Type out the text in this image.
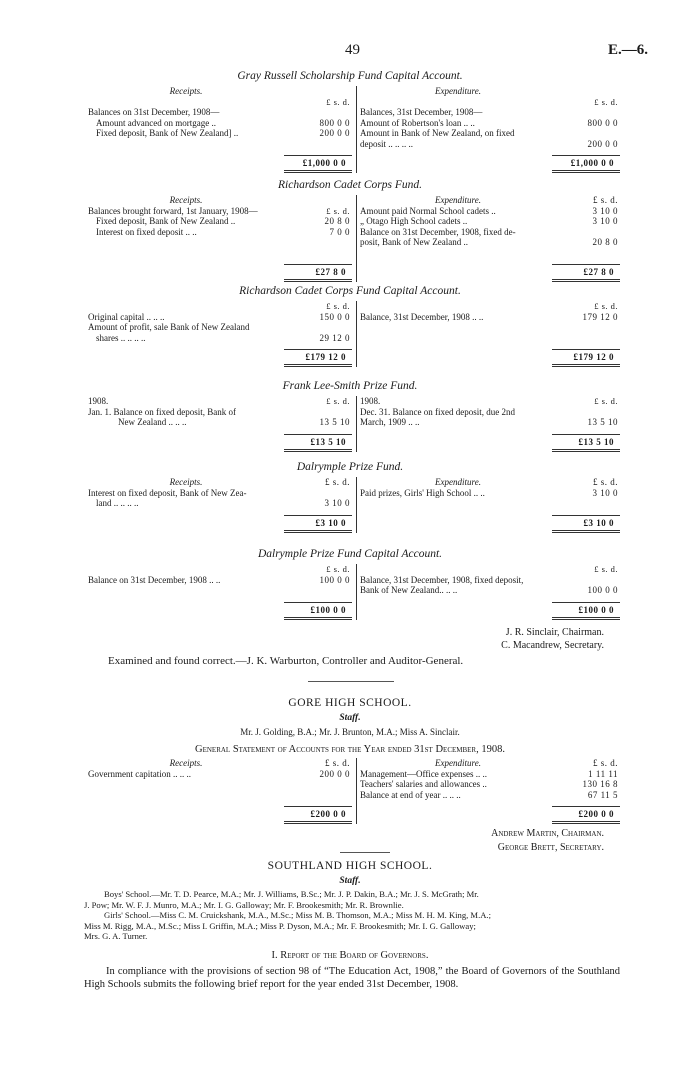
49	E.—6.
Gray Russell Scholarship Fund Capital Account.
Receipts.
£ s. d.
Balances on 31st December, 1908—
Amount advanced on mortgage ..	800 0 0
Fixed deposit, Bank of New Zealand] ..	200 0 0
Expenditure.
£ s. d.
Balances, 31st December, 1908—
Amount of Robertson's loan .. ..	800 0 0
Amount in Bank of New Zealand, on fixed
deposit .. .. .. ..	200 0 0
£1,000 0 0	£1,000 0 0
Richardson Cadet Corps Fund.
Receipts.
Balances brought forward, 1st January, 1908—	£ s. d.
Fixed deposit, Bank of New Zealand ..	20 8 0
Interest on fixed deposit .. ..	7 0 0
Expenditure.	£ s. d.
Amount paid Normal School cadets ..	3 10 0
„ Otago High School cadets ..	3 10 0
Balance on 31st December, 1908, fixed de-
posit, Bank of New Zealand ..	20 8 0
£27 8 0	£27 8 0
Richardson Cadet Corps Fund Capital Account.
£ s. d.
Original capital .. .. ..	150 0 0
Amount of profit, sale Bank of New Zealand
shares .. .. .. ..	29 12 0
£ s. d.
Balance, 31st December, 1908 .. ..	179 12 0
£179 12 0	£179 12 0
Frank Lee-Smith Prize Fund.
1908.	£ s. d.
Jan. 1. Balance on fixed deposit, Bank of
New Zealand .. .. ..	13 5 10
1908.	£ s. d.
Dec. 31. Balance on fixed deposit, due 2nd
March, 1909 .. ..	13 5 10
£13 5 10	£13 5 10
Dalrymple Prize Fund.
Receipts.	£ s. d.
Interest on fixed deposit, Bank of New Zea-
land .. .. .. ..	3 10 0
Expenditure.	£ s. d.
Paid prizes, Girls' High School .. ..	3 10 0
£3 10 0	£3 10 0
Dalrymple Prize Fund Capital Account.
£ s. d.
Balance on 31st December, 1908 .. ..	100 0 0
£ s. d.
Balance, 31st December, 1908, fixed deposit,
Bank of New Zealand.. .. ..	100 0 0
£100 0 0	£100 0 0
J. R. Sinclair, Chairman.
C. Macandrew, Secretary.
Examined and found correct.—J. K. Warburton, Controller and Auditor-General.
GORE HIGH SCHOOL.
Staff.
Mr. J. Golding, B.A.; Mr. J. Brunton, M.A.; Miss A. Sinclair.
General Statement of Accounts for the Year ended 31st December, 1908.
Receipts.	£ s. d.
Government capitation .. .. ..	200 0 0
Expenditure.	£ s. d.
Management—Office expenses .. ..	1 11 11
Teachers' salaries and allowances ..	130 16 8
Balance at end of year .. .. ..	67 11 5
£200 0 0	£200 0 0
Andrew Martin, Chairman.
George Brett, Secretary.
SOUTHLAND HIGH SCHOOL.
Staff.
Boys' School.—Mr. T. D. Pearce, M.A.; Mr. J. Williams, B.Sc.; Mr. J. P. Dakin, B.A.; Mr. J. S. McGrath; Mr.
J. Pow; Mr. W. F. J. Munro, M.A.; Mr. I. G. Galloway; Mr. F. Brookesmith; Mr. R. Brownlie.
Girls' School.—Miss C. M. Cruickshank, M.A., M.Sc.; Miss M. B. Thomson, M.A.; Miss M. H. M. King, M.A.;
Miss M. Rigg, M.A., M.Sc.; Miss I. Griffin, M.A.; Miss P. Dyson, M.A.; Mr. F. Brookesmith; Mr. I. G. Galloway;
Mrs. G. A. Turner.
I. Report of the Board of Governors.
In compliance with the provisions of section 98 of “The Education Act, 1908,” the Board of Governors of the Southland High Schools submits the following brief report for the year ended 31st December, 1908.
